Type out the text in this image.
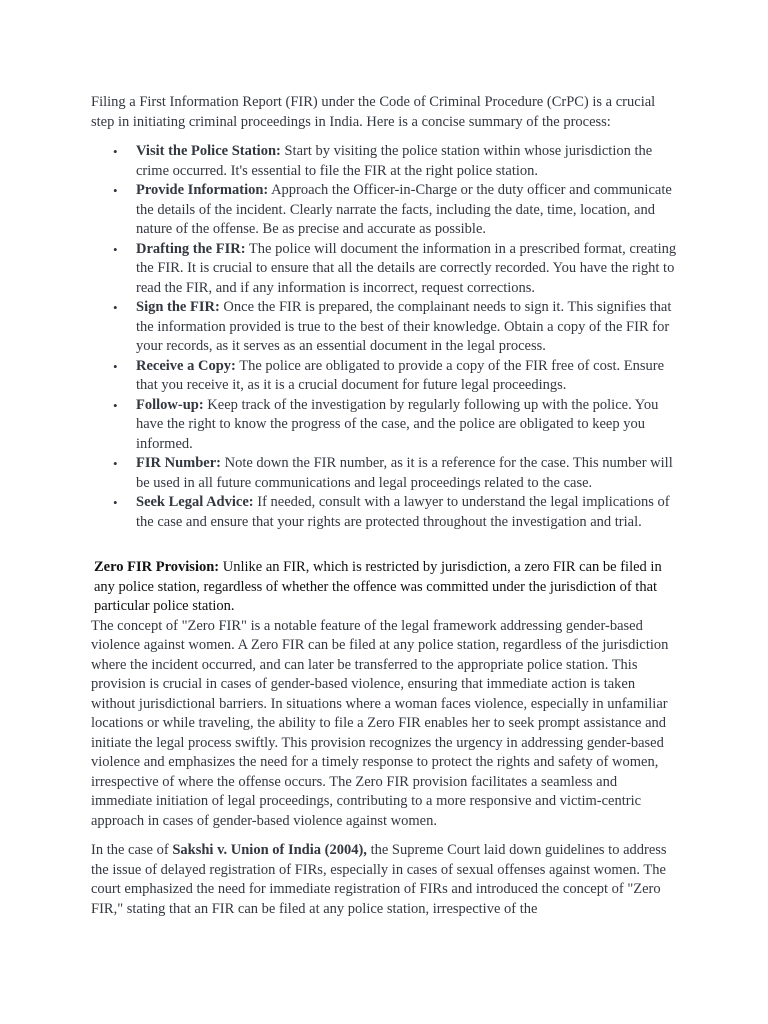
Filing a First Information Report (FIR) under the Code of Criminal Procedure (CrPC) is a crucial step in initiating criminal proceedings in India. Here is a concise summary of the process:

• Visit the Police Station: Start by visiting the police station within whose jurisdiction the crime occurred. It's essential to file the FIR at the right police station.
• Provide Information: Approach the Officer-in-Charge or the duty officer and communicate the details of the incident. Clearly narrate the facts, including the date, time, location, and nature of the offense. Be as precise and accurate as possible.
• Drafting the FIR: The police will document the information in a prescribed format, creating the FIR. It is crucial to ensure that all the details are correctly recorded. You have the right to read the FIR, and if any information is incorrect, request corrections.
• Sign the FIR: Once the FIR is prepared, the complainant needs to sign it. This signifies that the information provided is true to the best of their knowledge. Obtain a copy of the FIR for your records, as it serves as an essential document in the legal process.
• Receive a Copy: The police are obligated to provide a copy of the FIR free of cost. Ensure that you receive it, as it is a crucial document for future legal proceedings.
• Follow-up: Keep track of the investigation by regularly following up with the police. You have the right to know the progress of the case, and the police are obligated to keep you informed.
• FIR Number: Note down the FIR number, as it is a reference for the case. This number will be used in all future communications and legal proceedings related to the case.
• Seek Legal Advice: If needed, consult with a lawyer to understand the legal implications of the case and ensure that your rights are protected throughout the investigation and trial.

Zero FIR Provision: Unlike an FIR, which is restricted by jurisdiction, a zero FIR can be filed in any police station, regardless of whether the offence was committed under the jurisdiction of that particular police station.

The concept of "Zero FIR" is a notable feature of the legal framework addressing gender-based violence against women. A Zero FIR can be filed at any police station, regardless of the jurisdiction where the incident occurred, and can later be transferred to the appropriate police station. This provision is crucial in cases of gender-based violence, ensuring that immediate action is taken without jurisdictional barriers. In situations where a woman faces violence, especially in unfamiliar locations or while traveling, the ability to file a Zero FIR enables her to seek prompt assistance and initiate the legal process swiftly. This provision recognizes the urgency in addressing gender-based violence and emphasizes the need for a timely response to protect the rights and safety of women, irrespective of where the offense occurs. The Zero FIR provision facilitates a seamless and immediate initiation of legal proceedings, contributing to a more responsive and victim-centric approach in cases of gender-based violence against women.

In the case of Sakshi v. Union of India (2004), the Supreme Court laid down guidelines to address the issue of delayed registration of FIRs, especially in cases of sexual offenses against women. The court emphasized the need for immediate registration of FIRs and introduced the concept of "Zero FIR," stating that an FIR can be filed at any police station, irrespective of the
